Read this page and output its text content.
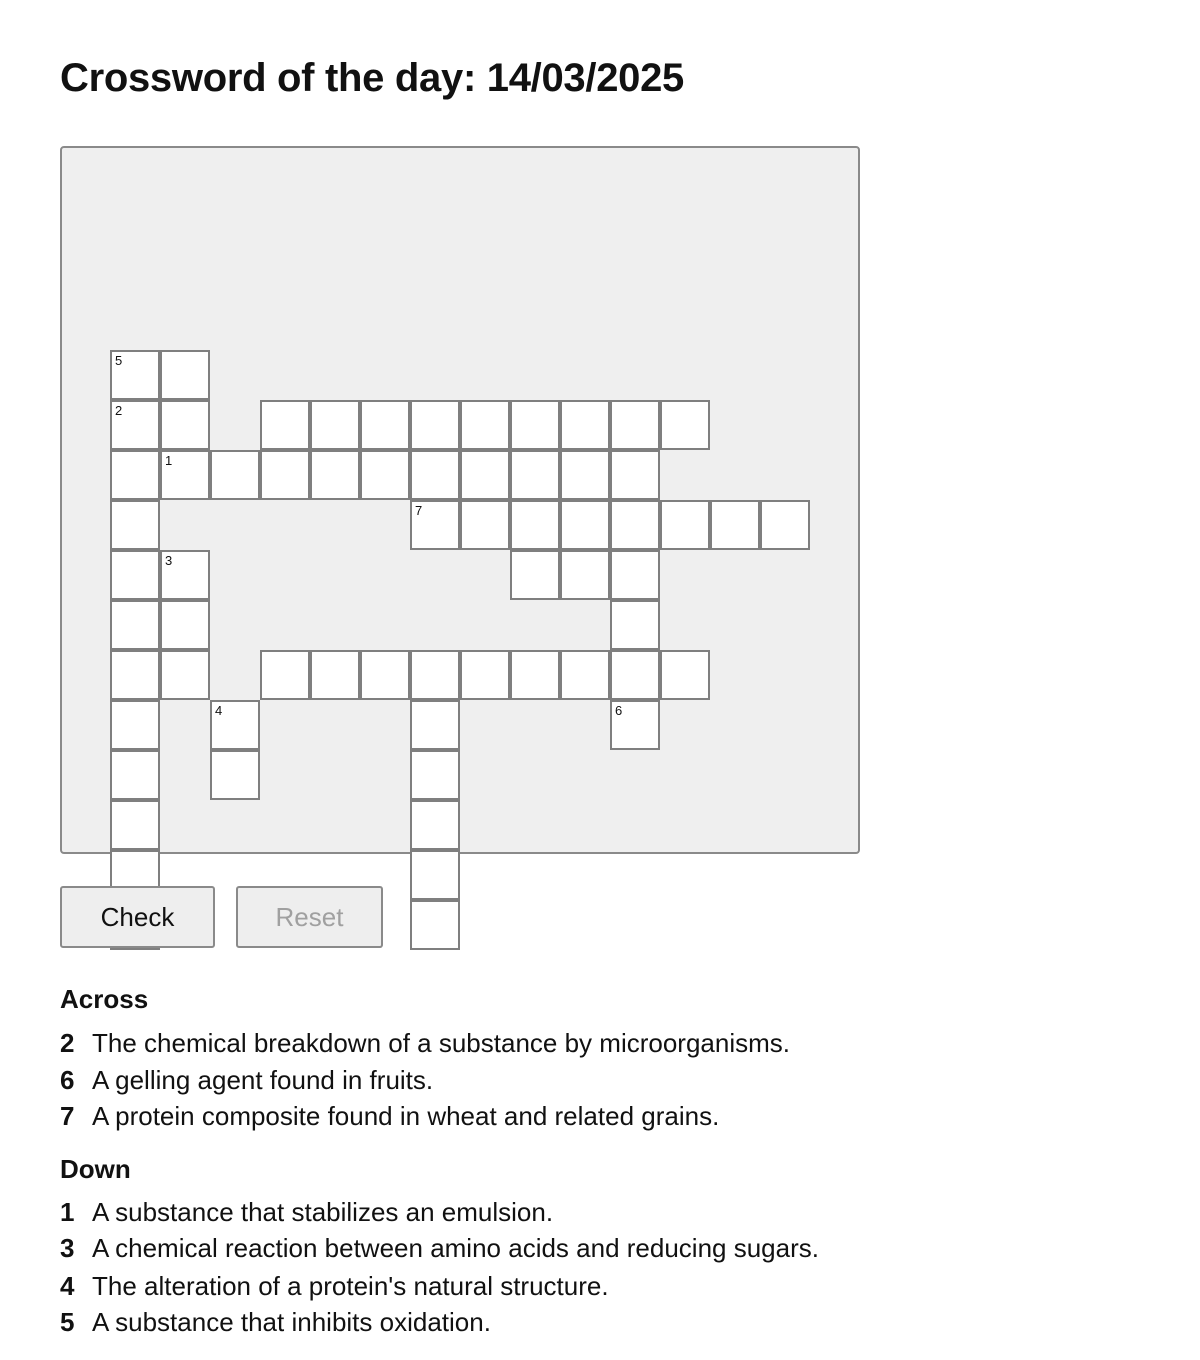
Crossword of the day: 14/03/2025
5
3
4
2
1
7
6
Check	Reset
Across
2 The chemical breakdown of a substance by microorganisms.
6 A gelling agent found in fruits.
7 A protein composite found in wheat and related grains.
Down
1 A substance that stabilizes an emulsion.
3 A chemical reaction between amino acids and reducing sugars.
4 The alteration of a protein's natural structure.
5 A substance that inhibits oxidation.
